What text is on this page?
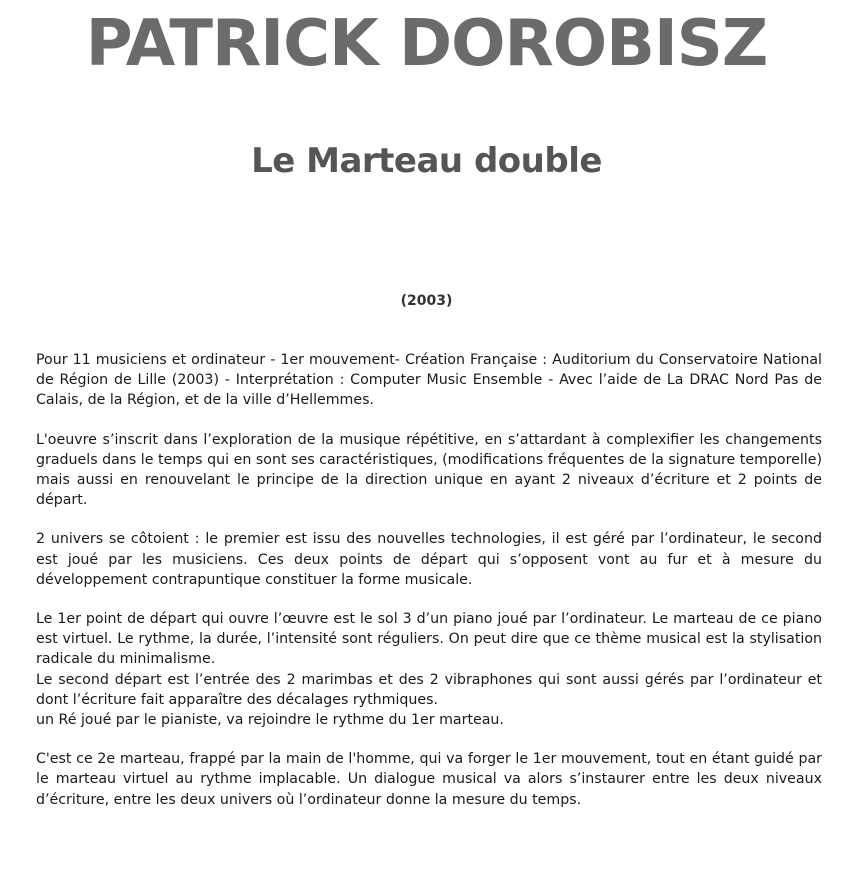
PATRICK DOROBISZ
Le Marteau double
(2003)

Pour 11 musiciens et ordinateur - 1er mouvement- Création Française : Auditorium du Conservatoire National de Région de Lille (2003) - Interprétation : Computer Music Ensemble - Avec l’aide de La DRAC Nord Pas de Calais, de la Région, et de la ville d’Hellemmes.

L'oeuvre s’inscrit dans l’exploration de la musique répétitive, en s’attardant à complexifier les changements graduels dans le temps qui en sont ses caractéristiques, (modifications fréquentes de la signature temporelle) mais aussi en renouvelant le principe de la direction unique en ayant 2 niveaux d’écriture et 2 points de départ.

2 univers se côtoient : le premier est issu des nouvelles technologies, il est géré par l’ordinateur, le second est joué par les musiciens. Ces deux points de départ qui s’opposent vont au fur et à mesure du développement contrapuntique constituer la forme musicale.

Le 1er point de départ qui ouvre l’œuvre est le sol 3 d’un piano joué par l’ordinateur. Le marteau de ce piano est virtuel. Le rythme, la durée, l’intensité sont réguliers. On peut dire que ce thème musical est la stylisation radicale du minimalisme.

Le second départ est l’entrée des 2 marimbas et des 2 vibraphones qui sont aussi gérés par l’ordinateur et dont l’écriture fait apparaître des décalages rythmiques.

un Ré joué par le pianiste, va rejoindre le rythme du 1er marteau.

C'est ce 2e marteau, frappé par la main de l'homme, qui va forger le 1er mouvement, tout en étant guidé par le marteau virtuel au rythme implacable. Un dialogue musical va alors s’instaurer entre les deux niveaux d’écriture, entre les deux univers où l’ordinateur donne la mesure du temps.
